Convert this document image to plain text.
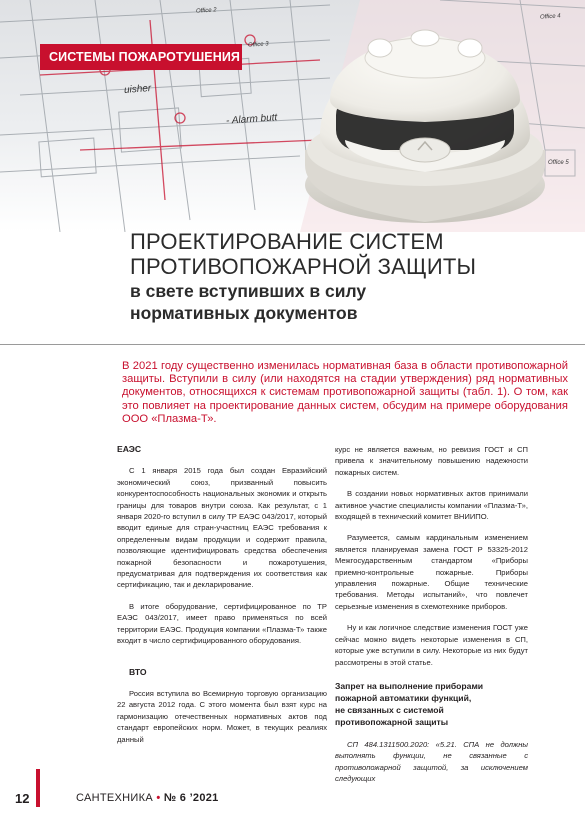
uisher
- Alarm butt
Office 2
Office 3
Office 4
Office 5
СИСТЕМЫ ПОЖАРОТУШЕНИЯ
ПРОЕКТИРОВАНИЕ СИСТЕМ
ПРОТИВОПОЖАРНОЙ ЗАЩИТЫ
в свете вступивших в силу
нормативных документов
В 2021 году существенно изменилась нормативная база в области противопожарной защиты. Вступили в силу (или находятся на стадии утверждения) ряд нормативных документов, относящихся к системам противопожарной защиты (табл. 1). О том, как это повлияет на проектирование данных систем, обсудим на примере оборудования ООО «Плазма-Т».
ЕАЭС

С 1 января 2015 года был создан Евразийский экономический союз, призванный повысить конкурентоспособность национальных экономик и открыть границы для товаров внутри союза. Как результат, с 1 января 2020-го вступил в силу ТР ЕАЭС 043/2017, который вводит единые для стран-участниц ЕАЭС требования к определенным видам продукции и содержит правила, позволяющие идентифицировать средства обеспечения пожарной безопасности и пожаротушения, предусматривая для подтверждения их соответствия как сертификацию, так и декларирование.

В итоге оборудование, сертифицированное по ТР ЕАЭС 043/2017, имеет право применяться по всей территории ЕАЭС. Продукция компании «Плазма-Т» также входит в число сертифицированного оборудования.

ВТО

Россия вступила во Всемирную торговую организацию 22 августа 2012 года. С этого момента был взят курс на гармонизацию отечественных нормативных актов под стандарт европейских норм. Может, в текущих реалиях данный

курс не является важным, но ревизия ГОСТ и СП привела к значительному повышению надежности пожарных систем.

В создании новых нормативных актов принимали активное участие специалисты компании «Плазма-Т», входящей в технический комитет ВНИИПО.

Разумеется, самым кардинальным изменением является планируемая замена ГОСТ Р 53325-2012 Межгосударственным стандартом «Приборы приемно-контрольные пожарные. Приборы управления пожарные. Общие технические требования. Методы испытаний», что повлечет серьезные изменения в схемотехнике приборов.

Ну и как логичное следствие изменения ГОСТ уже сейчас можно видеть некоторые изменения в СП, которые уже вступили в силу. Некоторые из них будут рассмотрены в этой статье.

Запрет на выполнение приборами
пожарной автоматики функций,
не связанных с системой
противопожарной защиты

СП 484.1311500.2020: «5.21. СПА не должны выполнять функции, не связанные с противопожарной защитой, за исключением следующих

12	САНТЕХНИКА • № 6 ’2021
